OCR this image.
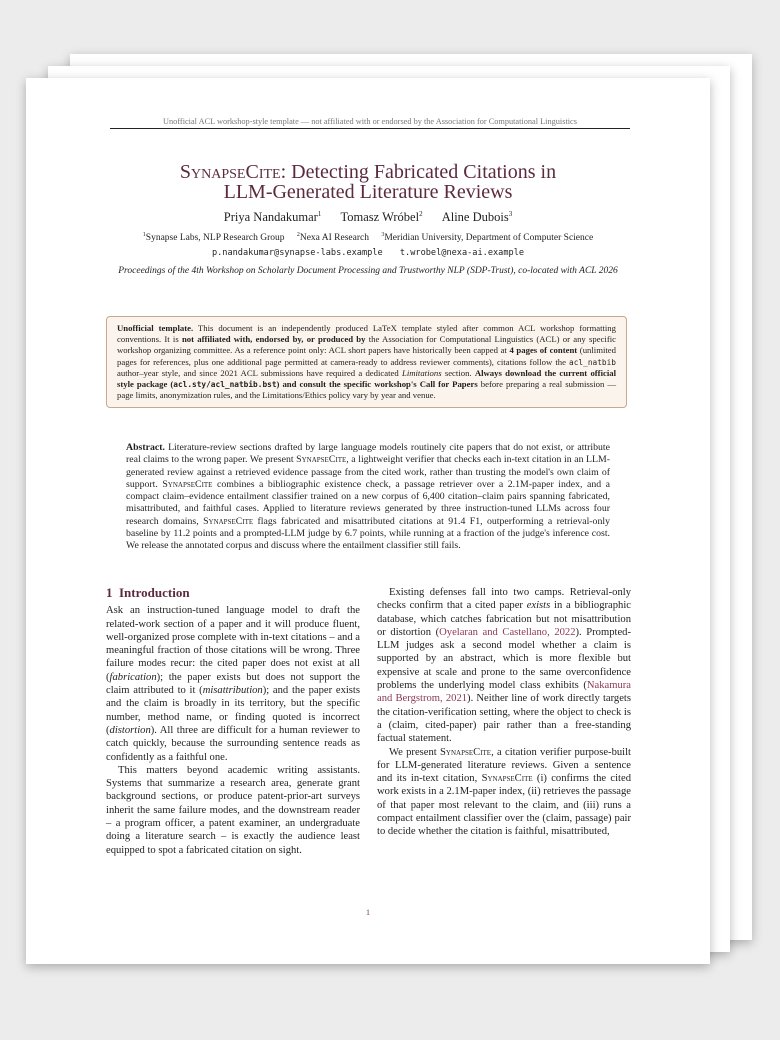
Unofficial ACL workshop-style template — not affiliated with or endorsed by the Association for Computational Linguistics
SynapseCite: Detecting Fabricated Citations in
LLM-Generated Literature Reviews
Priya Nandakumar$^1$ Tomasz Wróbel$^2$ Aline Dubois$^3$
$^1$Synapse Labs, NLP Research Group $^2$Nexa AI Research $^3$Meridian University, Department of Computer Science
p.nandakumar@synapse-labs.example t.wrobel@nexa-ai.example
Proceedings of the 4th Workshop on Scholarly Document Processing and Trustworthy NLP (SDP-Trust), co-located with ACL 2026
Unofficial template. This document is an independently produced LaTeX template styled after common ACL workshop formatting conventions. It is not affiliated with, endorsed by, or produced by the Association for Computational Linguistics (ACL) or any specific workshop organizing committee. As a reference point only: ACL short papers have historically been capped at 4 pages of content (unlimited pages for references, plus one additional page permitted at camera-ready to address reviewer comments), citations follow the acl_natbib author–year style, and since 2021 ACL submissions have required a dedicated Limitations section. Always download the current official style package (acl.sty/acl_natbib.bst) and consult the specific workshop's Call for Papers before preparing a real submission — page limits, anonymization rules, and the Limitations/Ethics policy vary by year and venue.
Abstract. Literature-review sections drafted by large language models routinely cite papers that do not exist, or attribute real claims to the wrong paper. We present SynapseCite, a lightweight verifier that checks each in-text citation in an LLM-generated review against a retrieved evidence passage from the cited work, rather than trusting the model's own claim of support. SynapseCite combines a bibliographic existence check, a passage retriever over a 2.1M-paper index, and a compact claim–evidence entailment classifier trained on a new corpus of 6,400 citation–claim pairs spanning fabricated, misattributed, and faithful cases. Applied to literature reviews generated by three instruction-tuned LLMs across four research domains, SynapseCite flags fabricated and misattributed citations at 91.4 F1, outperforming a retrieval-only baseline by 11.2 points and a prompted-LLM judge by 6.7 points, while running at a fraction of the judge's inference cost. We release the annotated corpus and discuss where the entailment classifier still fails.
1 Introduction

Ask an instruction-tuned language model to draft the related-work section of a paper and it will produce fluent, well-organized prose complete with in-text citations – and a meaningful fraction of those citations will be wrong. Three failure modes recur: the cited paper does not exist at all (fabrication); the paper exists but does not support the claim attributed to it (misattribution); and the paper exists and the claim is broadly in its territory, but the specific number, method name, or finding quoted is incorrect (distortion). All three are difficult for a human reviewer to catch quickly, because the surrounding sentence reads as confidently as a faithful one.

This matters beyond academic writing assistants. Systems that summarize a research area, generate grant background sections, or produce patent-prior-art surveys inherit the same failure modes, and the downstream reader – a program officer, a patent examiner, an undergraduate doing a literature search – is exactly the audience least equipped to spot a fabricated citation on sight.

Existing defenses fall into two camps. Retrieval-only checks confirm that a cited paper exists in a bibliographic database, which catches fabrication but not misattribution or distortion (Oyelaran and Castellano, 2022). Prompted-LLM judges ask a second model whether a claim is supported by an abstract, which is more flexible but expensive at scale and prone to the same overconfidence problems the underlying model class exhibits (Nakamura and Bergstrom, 2021). Neither line of work directly targets the citation-verification setting, where the object to check is a (claim, cited-paper) pair rather than a free-standing factual statement.

We present SynapseCite, a citation verifier purpose-built for LLM-generated literature reviews. Given a sentence and its in-text citation, SynapseCite (i) confirms the cited work exists in a 2.1M-paper index, (ii) retrieves the passage of that paper most relevant to the claim, and (iii) runs a compact entailment classifier over the (claim, passage) pair to decide whether the citation is faithful, misattributed,

1
